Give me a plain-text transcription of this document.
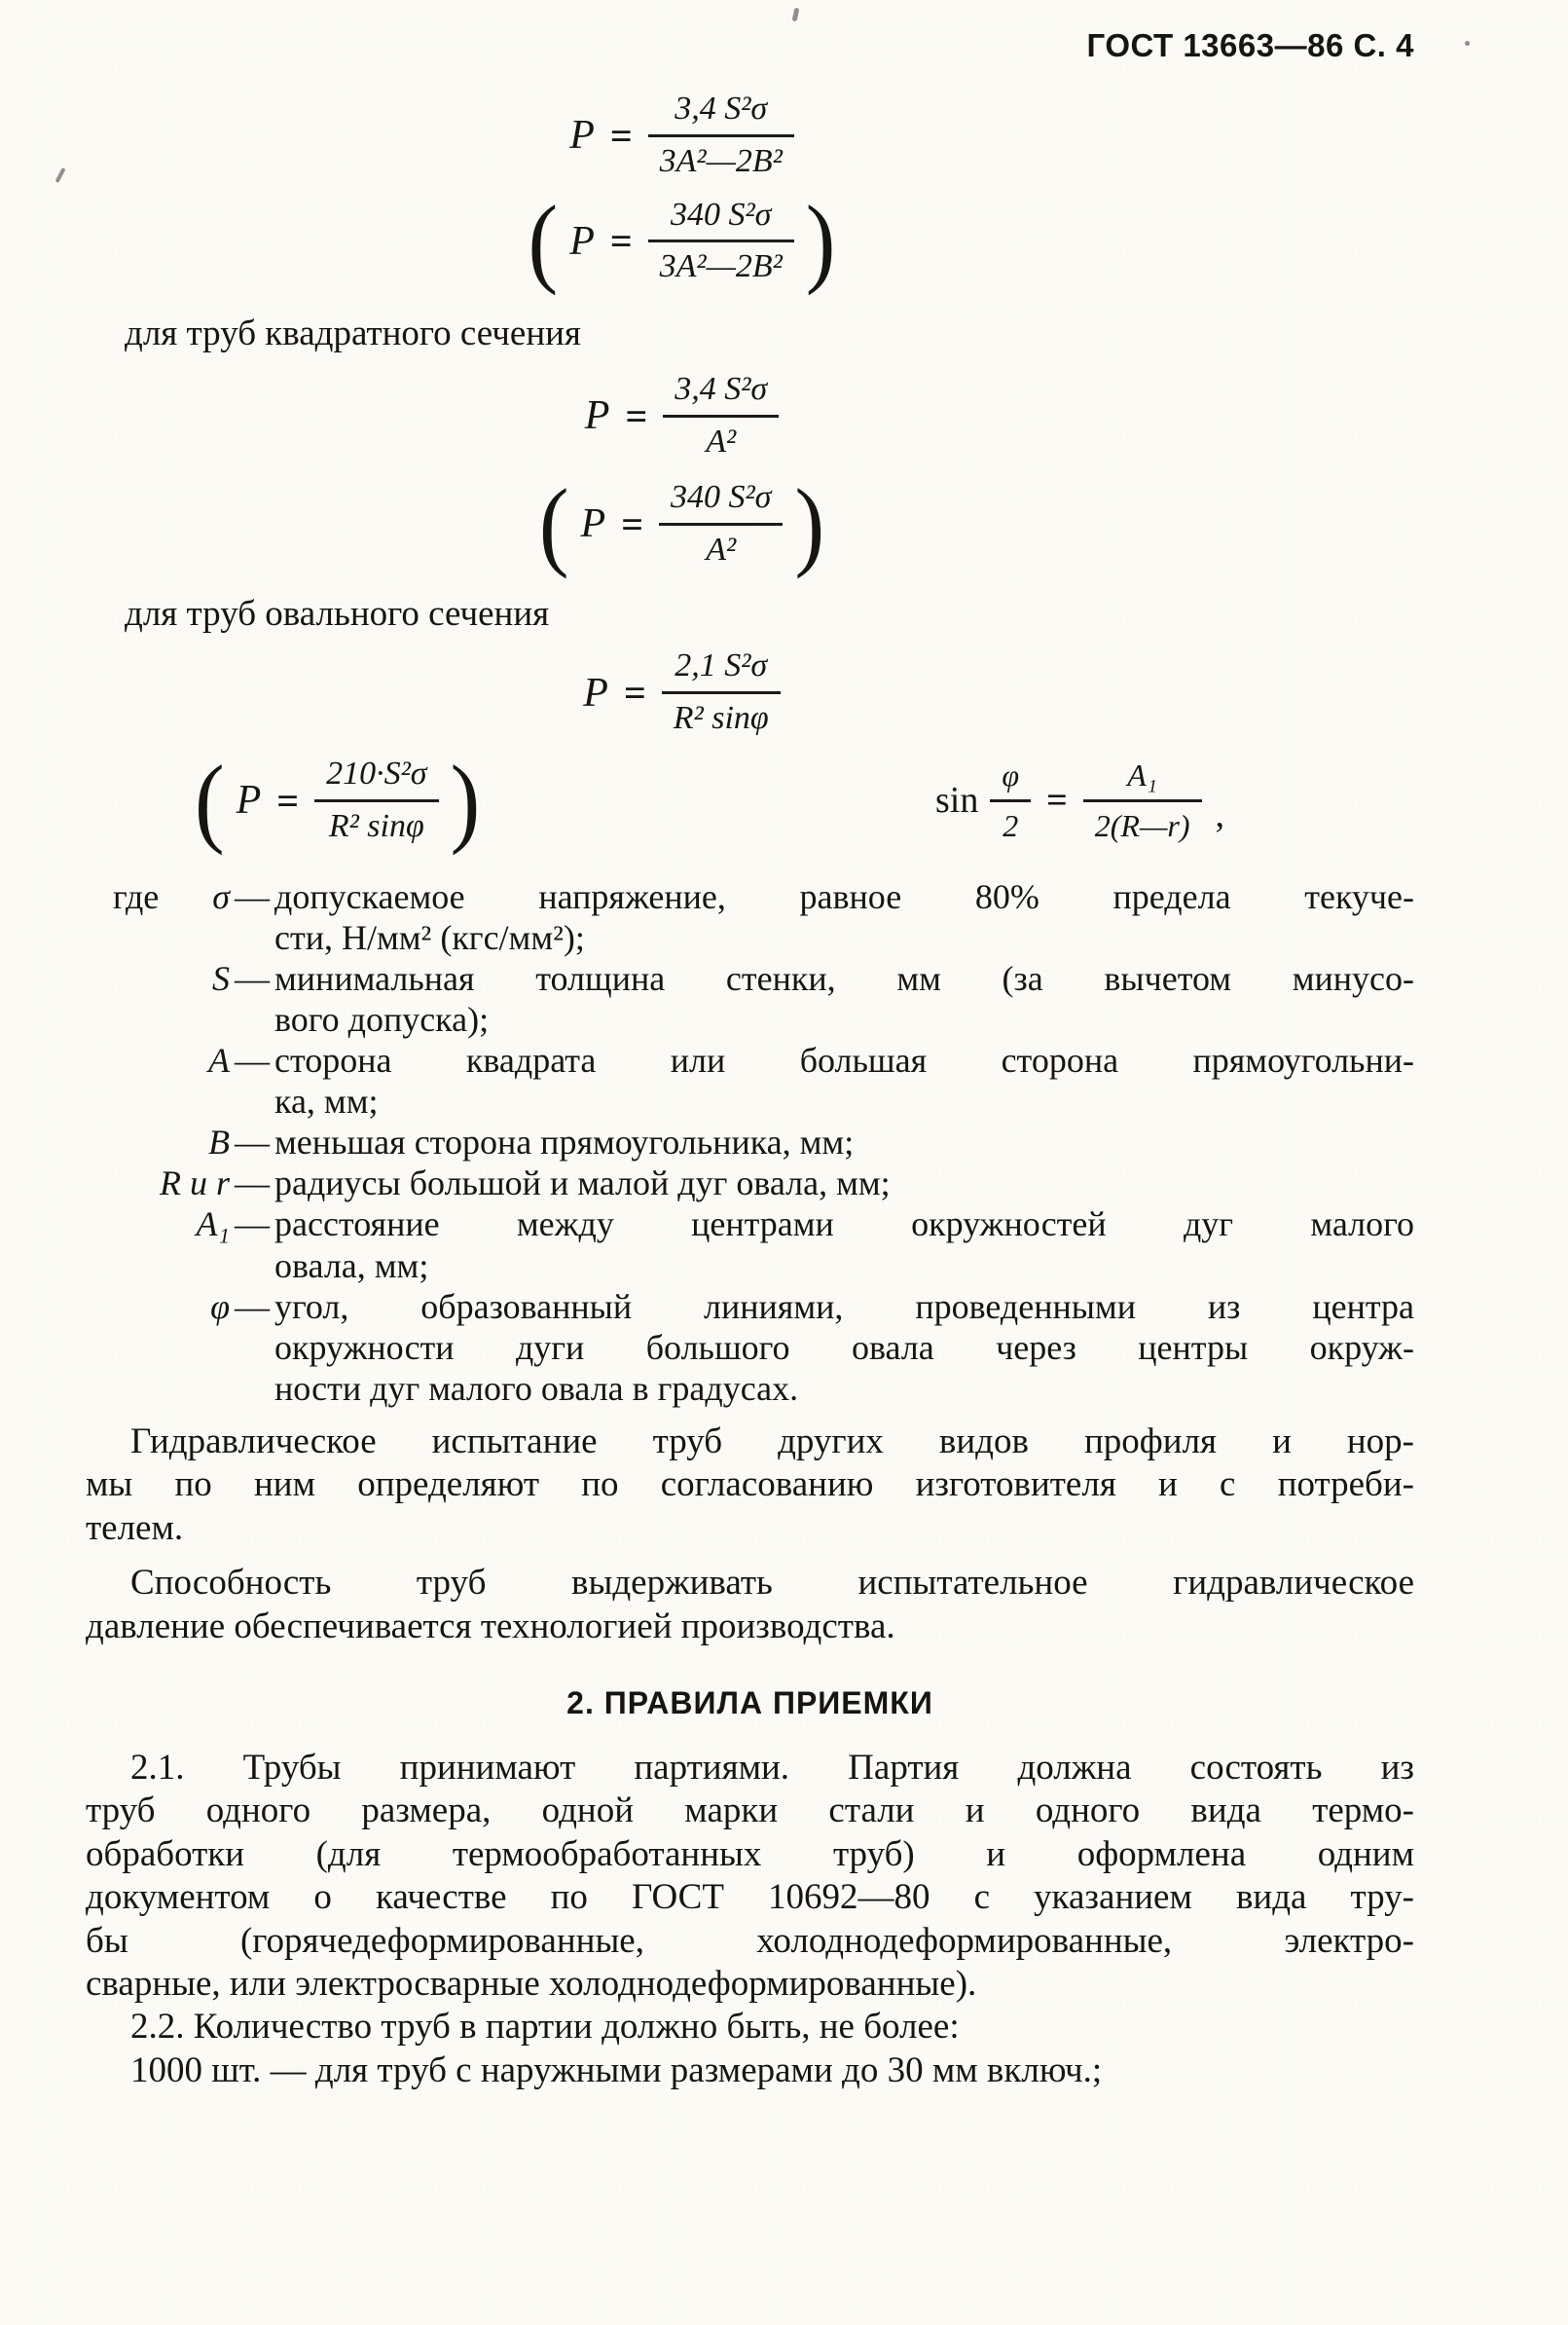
ГОСТ 13663—86 С. 4
$P = \frac{\text{3,4 S²σ}}{\text{3A²—2B²}}$
( $P = \frac{\text{340 S²σ}}{\text{3A²—2B²}}$ )
для труб квадратного сечения
$P = \frac{\text{3,4 S²σ}}{\text{A²}}$
( $P = \frac{\text{340 S²σ}}{\text{A²}}$ )
для труб овального сечения
$P = \frac{\text{2,1 S²σ}}{\text{R² sinφ}}$
( $P = \frac{\text{210·S²σ}}{\text{R² sinφ}}$ )	$\sin \frac{\varphi}{2} = \frac{\text{A₁}}{2(R—r)}$ ,
где σ — допускаемое напряжение, равное 80% предела текуче-
сти, Н/мм² (кгс/мм²);
S — минимальная толщина стенки, мм (за вычетом минусо-
вого допуска);
A — сторона квадрата или большая сторона прямоугольни-
ка, мм;
B — меньшая сторона прямоугольника, мм;
R и r — радиусы большой и малой дуг овала, мм;
A₁ — расстояние между центрами окружностей дуг малого
овала, мм;
φ — угол, образованный линиями, проведенными из центра
окружности дуги большого овала через центры окруж-
ности дуг малого овала в градусах.
Гидравлическое испытание труб других видов профиля и нор-
мы по ним определяют по согласованию изготовителя и с потреби-
телем.
Способность труб выдерживать испытательное гидравлическое
давление обеспечивается технологией производства.
2. ПРАВИЛА ПРИЕМКИ
2.1. Трубы принимают партиями. Партия должна состоять из
труб одного размера, одной марки стали и одного вида термо-
обработки (для термообработанных труб) и оформлена одним
документом о качестве по ГОСТ 10692—80 с указанием вида тру-
бы (горячедеформированные, холоднодеформированные, электро-
сварные, или электросварные холоднодеформированные).
2.2. Количество труб в партии должно быть, не более:
1000 шт. — для труб с наружными размерами до 30 мм включ.;
